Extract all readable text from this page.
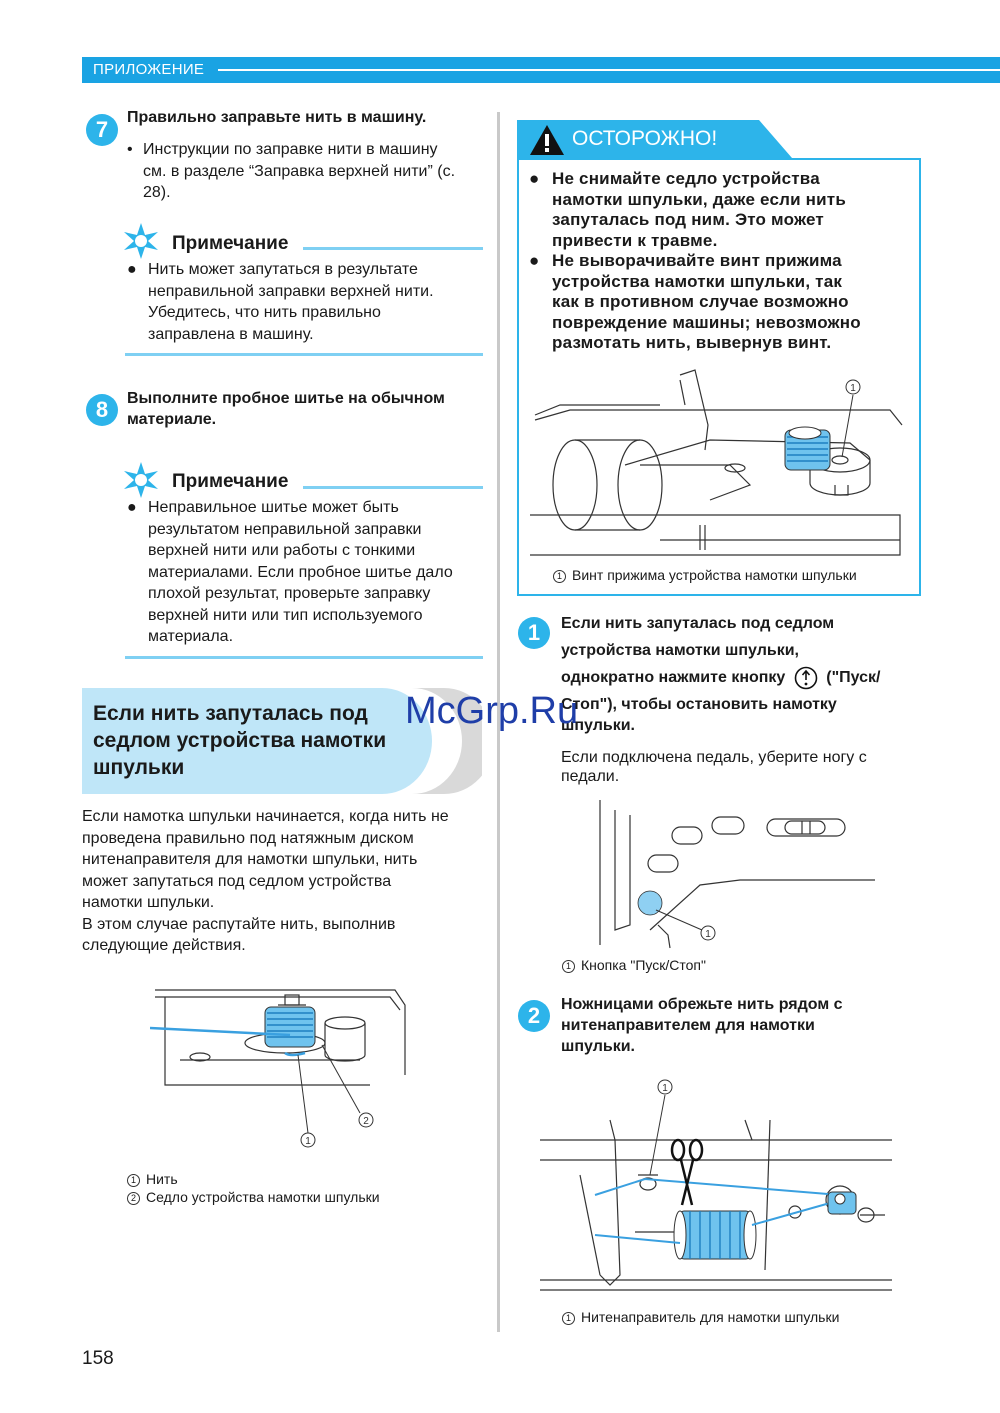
ПРИЛОЖЕНИЕ
7	Правильно заправьте нить в машину.
• Инструкции по заправке нити в машину
см. в разделе “Заправка верхней нити” (с.
28).
Примечание
● Нить может запутаться в результате
неправильной заправки верхней нити.
Убедитесь, что нить правильно
заправлена в машину.
8	Выполните пробное шитье на обычном
материале.
Примечание
● Неправильное шитье может быть
результатом неправильной заправки
верхней нити или работы с тонкими
материалами. Если пробное шитье дало
плохой результат, проверьте заправку
верхней нити или тип используемого
материала.
Если нить запуталась под
седлом устройства намотки
шпульки
Если намотка шпульки начинается, когда нить не
проведена правильно под натяжным диском
нитенаправителя для намотки шпульки, нить
может запутаться под седлом устройства
намотки шпульки.
В этом случае распутайте нить, выполнив
следующие действия.
1
2
1 Нить
2 Седло устройства намотки шпульки
ОСТОРОЖНО!
● Не снимайте седло устройства
намотки шпульки, даже если нить
запуталась под ним. Это может
привести к травме.
● Не выворачивайте винт прижима
устройства намотки шпульки, так
как в противном случае возможно
повреждение машины; невозможно
размотать нить, вывернув винт.
1
1 Винт прижима устройства намотки шпульки
1	Если нить запуталась под седлом
устройства намотки шпульки,
однократно нажмите кнопку	("Пуск/
Стоп"), чтобы остановить намотку
шпульки.
Если подключена педаль, уберите ногу с
педали.
1
1 Кнопка "Пуск/Стоп"
2	Ножницами обрежьте нить рядом с
нитенаправителем для намотки
шпульки.
1
1 Нитенаправитель для намотки шпульки
McGrp.Ru
158
